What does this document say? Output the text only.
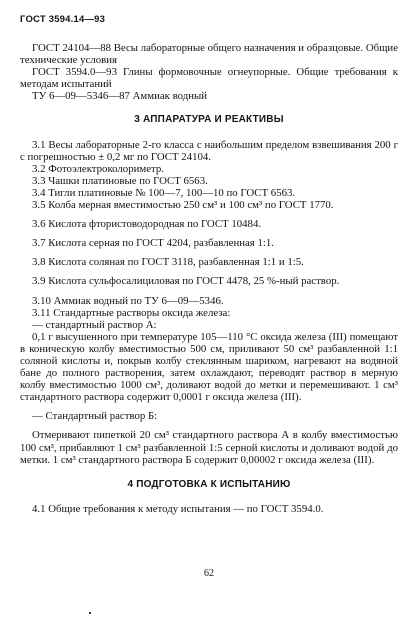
ГОСТ 3594.14—93

ГОСТ 24104—88 Весы лабораторные общего назначения и образцовые. Общие технические условия

ГОСТ 3594.0—93 Глины формовочные огнеупорные. Общие требования к методам испытаний

ТУ 6—09—5346—87 Аммиак водный

3 АППАРАТУРА И РЕАКТИВЫ

3.1 Весы лабораторные 2-го класса с наибольшим пределом взвешивания 200 г с погрешностью ± 0,2 мг по ГОСТ 24104.

3.2 Фотоэлектроколориметр.

3.3 Чашки платиновые по ГОСТ 6563.

3.4 Тигли платиновые № 100—7, 100—10 по ГОСТ 6563.

3.5 Колба мерная вместимостью 250 см³ и 100 см³ по ГОСТ 1770.

3.6 Кислота фтористоводородная по ГОСТ 10484.

3.7 Кислота серная по ГОСТ 4204, разбавленная 1:1.

3.8 Кислота соляная по ГОСТ 3118, разбавленная 1:1 и 1:5.

3.9 Кислота сульфосалициловая по ГОСТ 4478, 25 %-ный раствор.

3.10 Аммиак водный по ТУ 6—09—5346.

3.11 Стандартные растворы оксида железа:

— стандартный раствор А:

0,1 г высушенного при температуре 105—110 °C оксида железа (III) помещают в коническую колбу вместимостью 500 см, приливают 50 см³ разбавленной 1:1 соляной кислоты и, покрыв колбу стеклянным шариком, нагревают на водяной бане до полного растворения, затем охлаждают, переводят раствор в мерную колбу вместимостью 1000 см³, доливают водой до метки и перемешивают. 1 см³ стандартного раствора содержит 0,0001 г оксида железа (III).

— Стандартный раствор Б:

Отмеривают пипеткой 20 см³ стандартного раствора А в колбу вместимостью 100 см³, прибавляют 1 см³ разбавленной 1:5 серной кислоты и доливают водой до метки. 1 см³ стандартного раствора Б содержит 0,00002 г оксида железа (III).

4 ПОДГОТОВКА К ИСПЫТАНИЮ

4.1 Общие требования к методу испытания — по ГОСТ 3594.0.

62
